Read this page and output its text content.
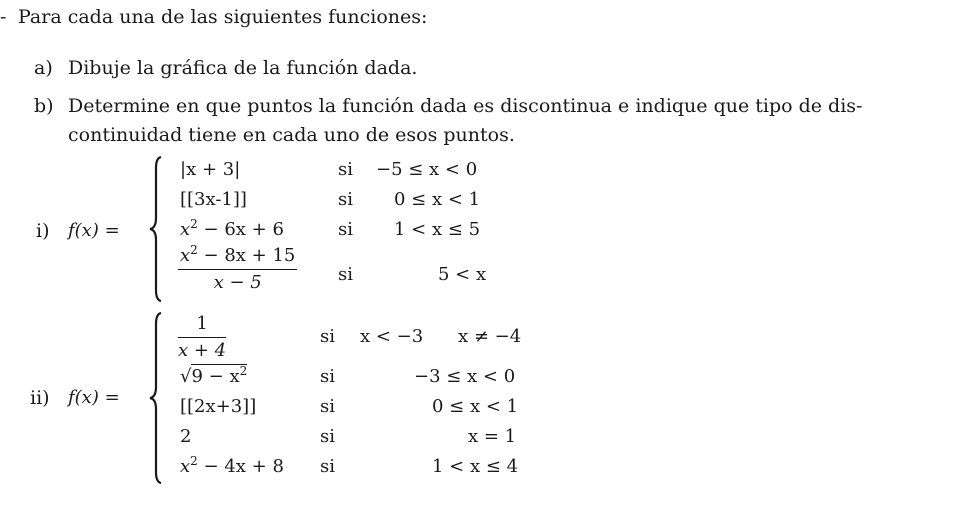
- Para cada una de las siguientes funciones:
a) Dibuje la gráfica de la función dada.
b) Determine en que puntos la función dada es discontinua e indique que tipo de dis-
continuidad tiene en cada uno de esos puntos.
i) f(x) =
|x + 3|	si −5 ≤ x < 0
[[3x-1]]	si 0 ≤ x < 1
$x^2 - 6x + 6$	si 1 < x ≤ 5
$\frac{x^2 - 8x + 15}{x - 5}$ si	5 < x
ii) f(x) =
$\frac{1}{x + 4}$	si x < −3 x ≠ −4
$√9 - x^2$	si	−3 ≤ x < 0
[[2x+3]]	si	0 ≤ x < 1
2	si	x = 1
$x^2 - 4x + 8$ si	1 < x ≤ 4
